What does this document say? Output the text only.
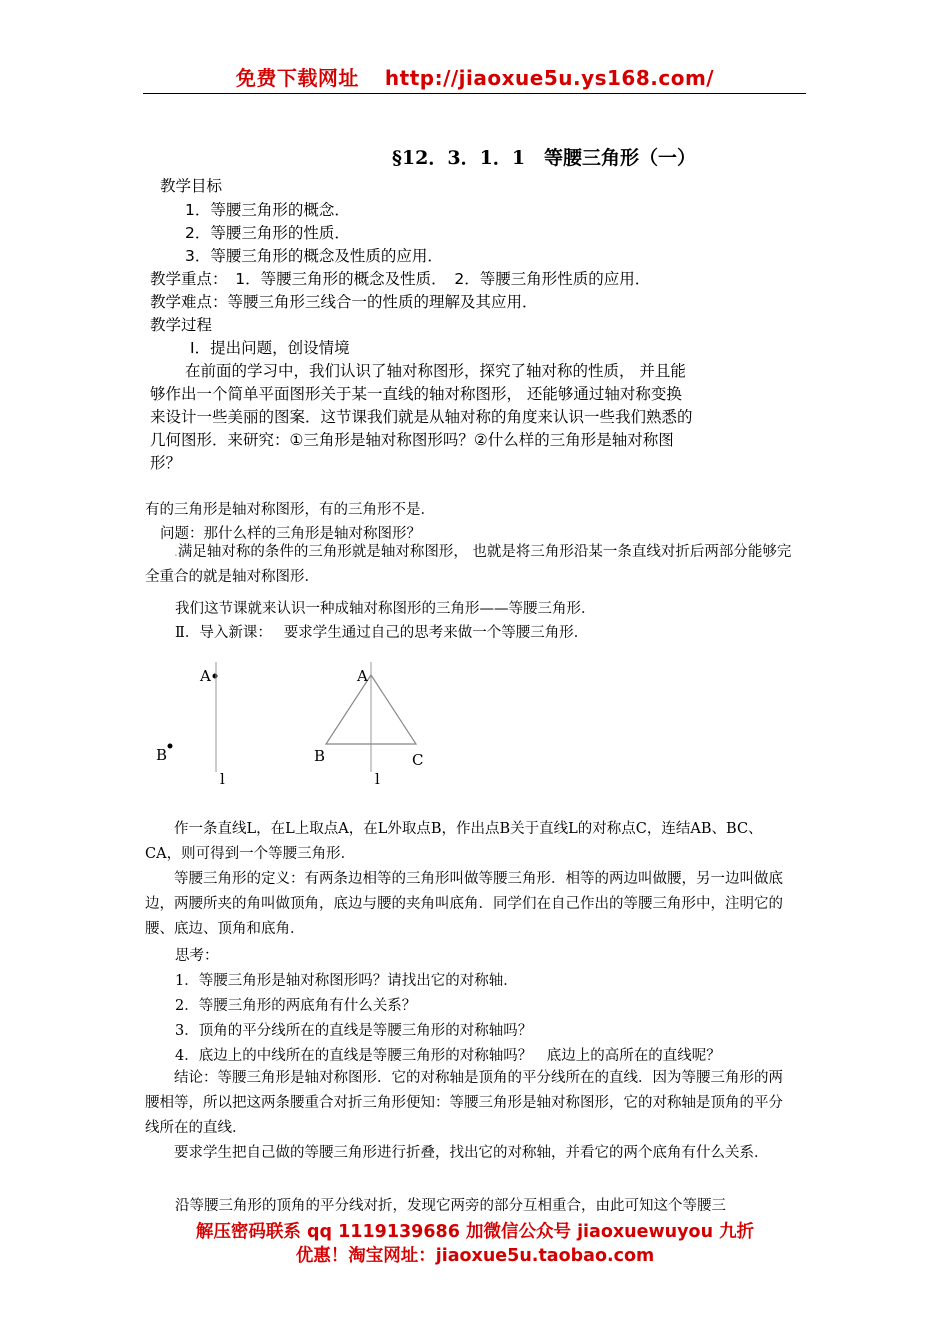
免费下载网址 http://jiaoxue5u.ys168.com/
§12．3．1．1　等腰三角形（一）
教学目标
1．等腰三角形的概念．
2．等腰三角形的性质．
3．等腰三角形的概念及性质的应用．
教学重点：　1．等腰三角形的概念及性质．　2．等腰三角形性质的应用．
教学难点：等腰三角形三线合一的性质的理解及其应用．
教学过程
Ⅰ．提出问题，创设情境
在前面的学习中，我们认识了轴对称图形，探究了轴对称的性质， 并且能
够作出一个简单平面图形关于某一直线的轴对称图形， 还能够通过轴对称变换
来设计一些美丽的图案．这节课我们就是从轴对称的角度来认识一些我们熟悉的
几何图形．来研究：①三角形是轴对称图形吗？②什么样的三角形是轴对称图
形？
有的三角形是轴对称图形，有的三角形不是．
问题：那什么样的三角形是轴对称图形？
.满足轴对称的条件的三角形就是轴对称图形， 也就是将三角形沿某一条直线对折后两部分能够完全重合的就是轴对称图形．
我们这节课就来认识一种成轴对称图形的三角形——等腰三角形．
Ⅱ．导入新课：　 要求学生通过自己的思考来做一个等腰三角形．
A
B
l
A
B	C
l
作一条直线L，在L上取点A，在L外取点B，作出点B关于直线L的对称点C，连结AB、BC、CA，则可得到一个等腰三角形．
等腰三角形的定义：有两条边相等的三角形叫做等腰三角形．相等的两边叫做腰，另一边叫做底边，两腰所夹的角叫做顶角，底边与腰的夹角叫底角．同学们在自己作出的等腰三角形中，注明它的腰、底边、顶角和底角．
思考：
1．等腰三角形是轴对称图形吗？请找出它的对称轴．
2．等腰三角形的两底角有什么关系？
3．顶角的平分线所在的直线是等腰三角形的对称轴吗？
4．底边上的中线所在的直线是等腰三角形的对称轴吗？　底边上的高所在的直线呢？
结论：等腰三角形是轴对称图形．它的对称轴是顶角的平分线所在的直线．因为等腰三角形的两腰相等，所以把这两条腰重合对折三角形便知：等腰三角形是轴对称图形，它的对称轴是顶角的平分线所在的直线．
要求学生把自己做的等腰三角形进行折叠，找出它的对称轴，并看它的两个底角有什么关系．
沿等腰三角形的顶角的平分线对折，发现它两旁的部分互相重合，由此可知这个等腰三
解压密码联系 qq 1119139686 加微信公众号 jiaoxuewuyou 九折
优惠！淘宝网址：jiaoxue5u.taobao.com
